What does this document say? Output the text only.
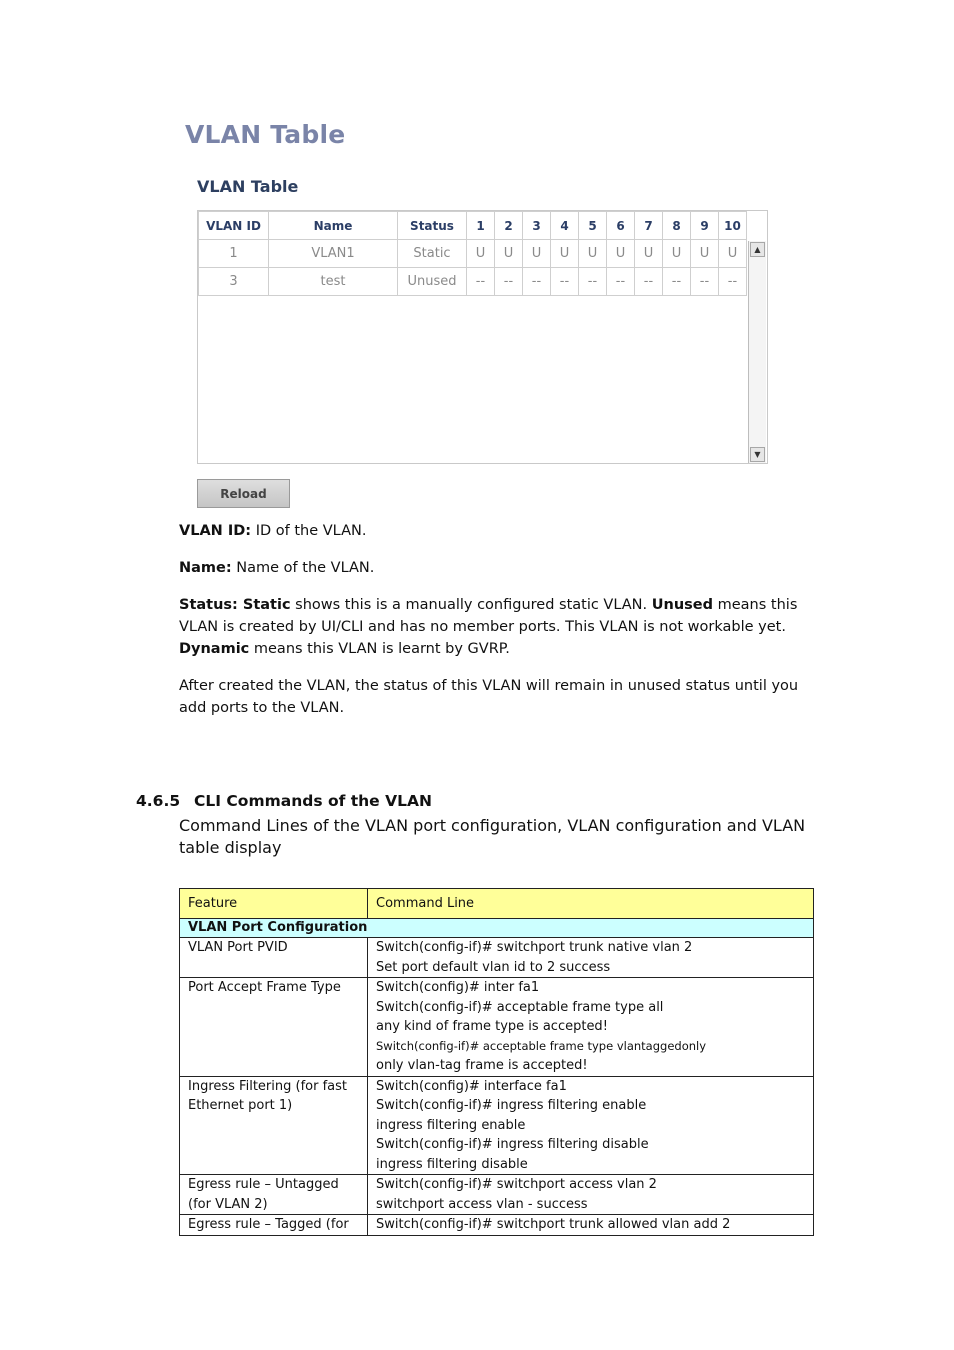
VLAN Table
VLAN Table
VLAN ID	Name	Status	1	2	3	4	5	6	7	8	9	10
1	VLAN1	Static	U	U	U	U	U	U	U	U	U	U
3	test	Unused	--	--	--	--	--	--	--	--	--	--
▲
▼
Reload
VLAN ID: ID of the VLAN.
Name: Name of the VLAN.
Status: Static shows this is a manually configured static VLAN. Unused means this VLAN is created by UI/CLI and has no member ports. This VLAN is not workable yet. Dynamic means this VLAN is learnt by GVRP.
After created the VLAN, the status of this VLAN will remain in unused status until you add ports to the VLAN.
4.6.5 CLI Commands of the VLAN
Command Lines of the VLAN port configuration, VLAN configuration and VLAN table display
Feature	Command Line
VLAN Port Configuration	
VLAN Port PVID	Switch(config-if)# switchport trunk native vlan 2
Set port default vlan id to 2 success

Port Accept Frame Type	Switch(config)# inter fa1
Switch(config-if)# acceptable frame type all
any kind of frame type is accepted!
Switch(config-if)# acceptable frame type vlantaggedonly
only vlan-tag frame is accepted!

Ingress Filtering (for fast Ethernet port 1)	Switch(config)# interface fa1
Switch(config-if)# ingress filtering enable
ingress filtering enable
Switch(config-if)# ingress filtering disable
ingress filtering disable

Egress rule – Untagged (for VLAN 2)	Switch(config-if)# switchport access vlan 2
switchport access vlan - success

Egress rule – Tagged (for	Switch(config-if)# switchport trunk allowed vlan add 2
